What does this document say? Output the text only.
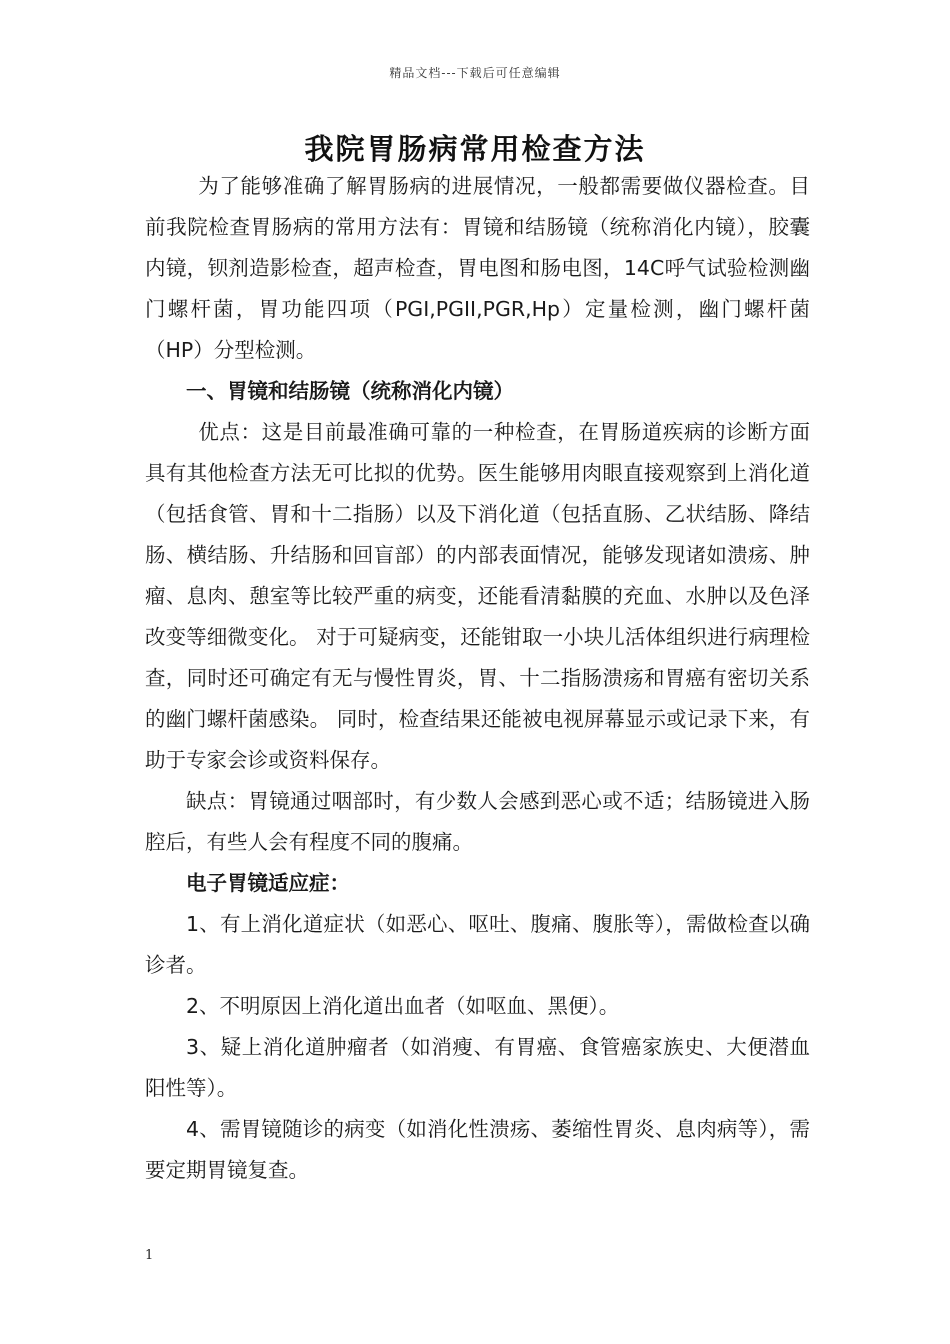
精品文档---下载后可任意编辑
我院胃肠病常用检查方法

为了能够准确了解胃肠病的进展情况，一般都需要做仪器检查。目前我院检查胃肠病的常用方法有：胃镜和结肠镜（统称消化内镜），胶囊内镜，钡剂造影检查，超声检查，胃电图和肠电图，14C呼气试验检测幽门螺杆菌，胃功能四项（PGI,PGII,PGR,Hp）定量检测，幽门螺杆菌（HP）分型检测。

一、胃镜和结肠镜（统称消化内镜）

优点：这是目前最准确可靠的一种检查，在胃肠道疾病的诊断方面具有其他检查方法无可比拟的优势。医生能够用肉眼直接观察到上消化道（包括食管、胃和十二指肠）以及下消化道（包括直肠、乙状结肠、降结肠、横结肠、升结肠和回盲部）的内部表面情况，能够发现诸如溃疡、肿瘤、息肉、憩室等比较严重的病变，还能看清黏膜的充血、水肿以及色泽改变等细微变化。 对于可疑病变，还能钳取一小块儿活体组织进行病理检查，同时还可确定有无与慢性胃炎，胃、十二指肠溃疡和胃癌有密切关系的幽门螺杆菌感染。 同时，检查结果还能被电视屏幕显示或记录下来，有助于专家会诊或资料保存。

缺点：胃镜通过咽部时，有少数人会感到恶心或不适；结肠镜进入肠腔后，有些人会有程度不同的腹痛。

电子胃镜适应症：

1、有上消化道症状（如恶心、呕吐、腹痛、腹胀等），需做检查以确诊者。

2、不明原因上消化道出血者（如呕血、黑便）。

3、疑上消化道肿瘤者（如消瘦、有胃癌、食管癌家族史、大便潜血阳性等）。

4、需胃镜随诊的病变（如消化性溃疡、萎缩性胃炎、息肉病等），需要定期胃镜复查。

1
